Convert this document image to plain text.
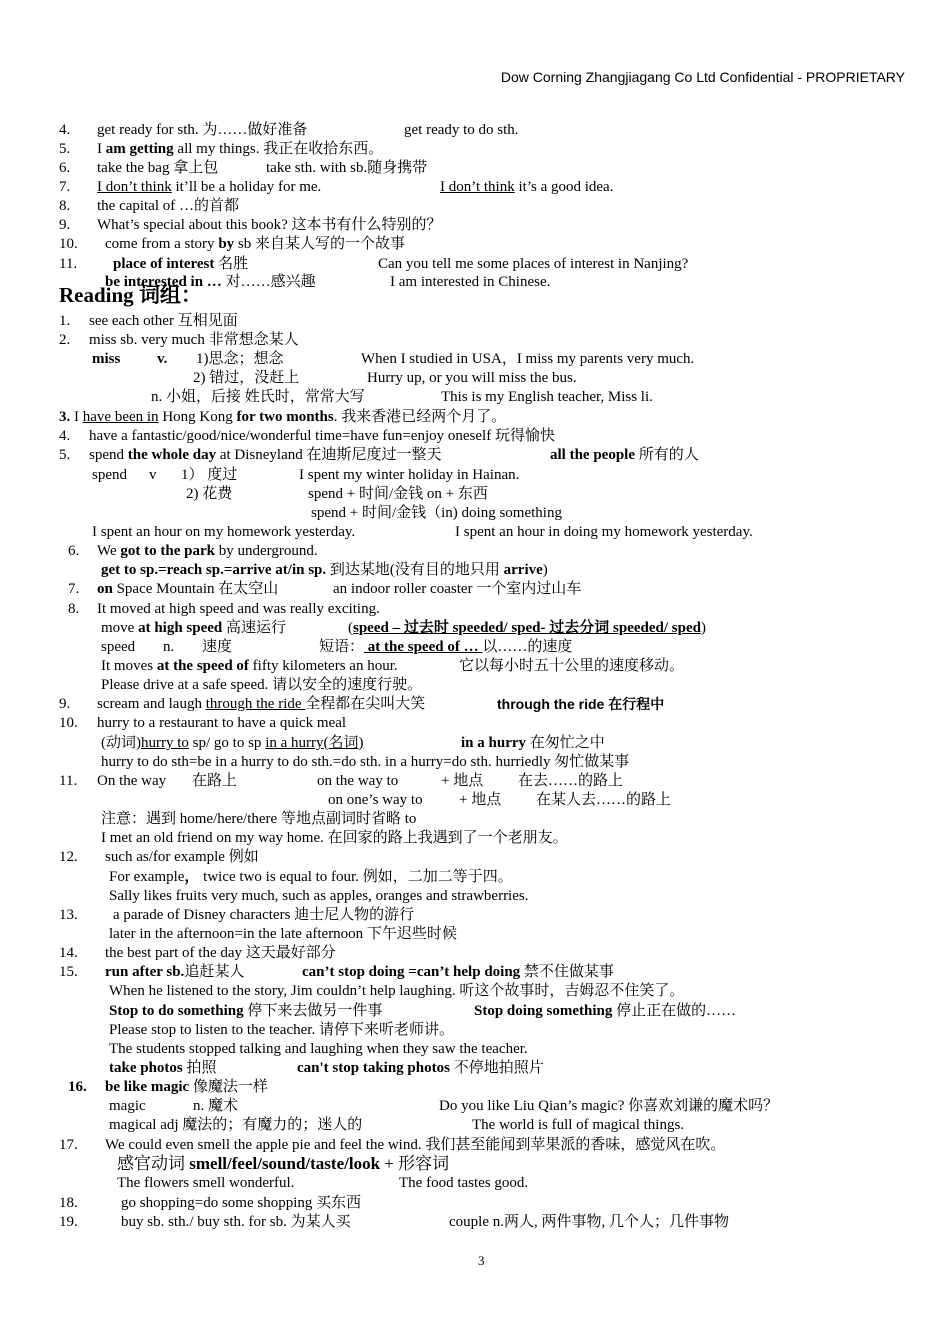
Dow Corning Zhangjiagang Co Ltd Confidential - PROPRIETARY
4. get ready for sth. 为……做好准备	get ready to do sth.
5. I am getting all my things. 我正在收拾东西。
6. take the bag 拿上包	take sth. with sb.随身携带
7. I don’t think it’ll be a holiday for me.	I don’t think it’s a good idea.
8. the capital of …的首都
9. What’s special about this book? 这本书有什么特别的？
10. come from a story by sb 来自某人写的一个故事
11. place of interest 名胜	Can you tell me some places of interest in Nanjing?
be interested in … 对……感兴趣	I am interested in Chinese.
Reading 词组：
1. see each other 互相见面
2. miss sb. very much 非常想念某人
miss v. 1)思念；想念	When I studied in USA，I miss my parents very much.
2) 错过，没赶上	Hurry up, or you will miss the bus.
n. 小姐，后接 姓氏时，常常大写	This is my English teacher, Miss li.
3. I have been in Hong Kong for two months. 我来香港已经两个月了。
4. have a fantastic/good/nice/wonderful time=have fun=enjoy oneself 玩得愉快
5. spend the whole day at Disneyland 在迪斯尼度过一整天	all the people 所有的人
spend v 1） 度过	I spent my winter holiday in Hainan.
2) 花费	spend + 时间/金钱 on + 东西
spend + 时间/金钱（in) doing something
I spent an hour on my homework yesterday.	I spent an hour in doing my homework yesterday.
6. We got to the park by underground.
get to sp.=reach sp.=arrive at/in sp. 到达某地(没有目的地只用 arrive)
7. on Space Mountain 在太空山	an indoor roller coaster 一个室内过山车
8. It moved at high speed and was really exciting.
move at high speed 高速运行	(speed – 过去时 speeded/ sped- 过去分词 speeded/ sped)
speed n. 速度	短语： at the speed of … 以……的速度
It moves at the speed of fifty kilometers an hour.	它以每小时五十公里的速度移动。
Please drive at a safe speed. 请以安全的速度行驶。
9. scream and laugh through the ride 全程都在尖叫大笑	through the ride 在行程中
10. hurry to a restaurant to have a quick meal
(动词)hurry to sp/ go to sp in a hurry(名词)	in a hurry 在匆忙之中
hurry to do sth=be in a hurry to do sth.=do sth. in a hurry=do sth. hurriedly 匆忙做某事
11. On the way 在路上	on the way to	+ 地点 在去……的路上
on one’s way to + 地点 在某人去……的路上
注意：遇到 home/here/there 等地点副词时省略 to
I met an old friend on my way home. 在回家的路上我遇到了一个老朋友。
12. such as/for example 例如
For example， twice two is equal to four. 例如，二加二等于四。
Sally likes fruits very much, such as apples, oranges and strawberries.
13. a parade of Disney characters 迪士尼人物的游行
later in the afternoon=in the late afternoon 下午迟些时候
14. the best part of the day 这天最好部分
15. run after sb.追赶某人	can’t stop doing =can’t help doing 禁不住做某事
When he listened to the story, Jim couldn’t help laughing. 听这个故事时，吉姆忍不住笑了。
Stop to do something 停下来去做另一件事	Stop doing something 停止正在做的……
Please stop to listen to the teacher. 请停下来听老师讲。
The students stopped talking and laughing when they saw the teacher.
take photos 拍照	can't stop taking photos 不停地拍照片
16. be like magic 像魔法一样
magic	n. 魔术	Do you like Liu Qian’s magic? 你喜欢刘谦的魔术吗？
magical adj 魔法的；有魔力的；迷人的	The world is full of magical things.
17. We could even smell the apple pie and feel the wind. 我们甚至能闻到苹果派的香味，感觉风在吹。
感官动词 smell/feel/sound/taste/look + 形容词
The flowers smell wonderful.	The food tastes good.
18.	go shopping=do some shopping 买东西
19.	buy sb. sth./ buy sth. for sb. 为某人买	couple n.两人, 两件事物, 几个人；几件事物
3
